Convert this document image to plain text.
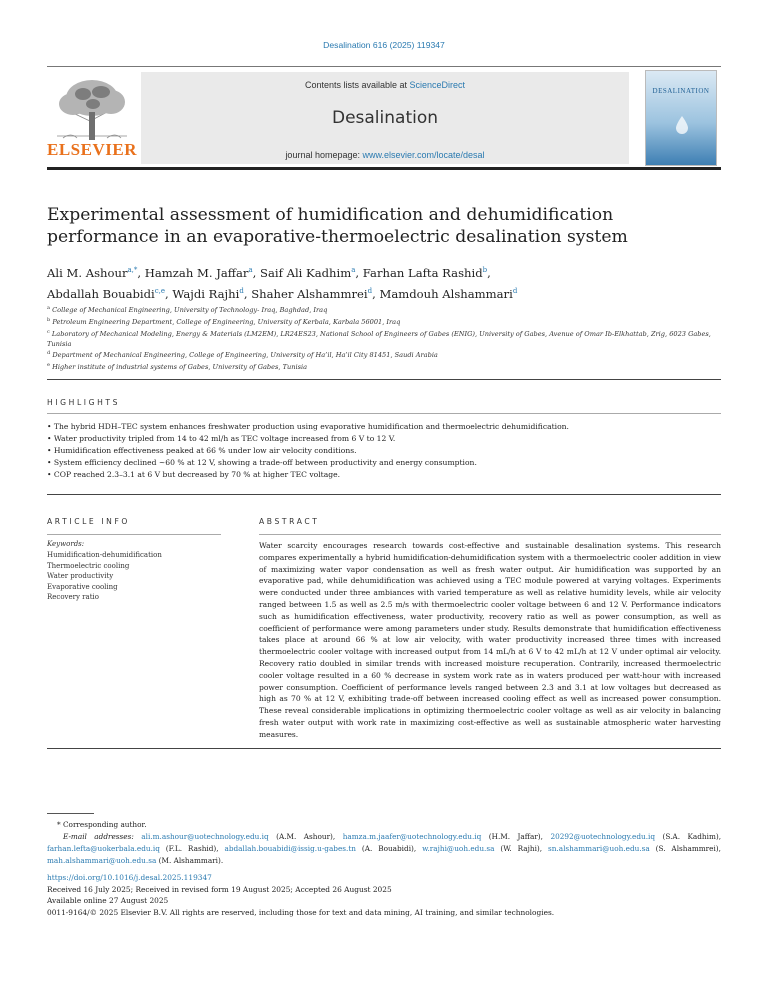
Desalination 616 (2025) 119347
ELSEVIER
Contents lists available at ScienceDirect
Desalination
journal homepage: www.elsevier.com/locate/desal
DESALINATION
Experimental assessment of humidification and dehumidification
performance in an evaporative-thermoelectric desalination system
Ali M. Ashour$^{a,*}$, Hamzah M. Jaffar$^a$, Saif Ali Kadhim$^a$, Farhan Lafta Rashid$^b$,
Abdallah Bouabidi$^{c,e}$, Wajdi Rajhi$^d$, Shaher Alshammrei$^d$, Mamdouh Alshammari$^d$
$^a$ College of Mechanical Engineering, University of Technology- Iraq, Baghdad, Iraq
$^b$ Petroleum Engineering Department, College of Engineering, University of Kerbala, Karbala 56001, Iraq
$^c$ Laboratory of Mechanical Modeling, Energy & Materials (LM2EM), LR24ES23, National School of Engineers of Gabes (ENIG), University of Gabes, Avenue of Omar Ib-Elkhattab, Zrig, 6023 Gabes, Tunisia
$^d$ Department of Mechanical Engineering, College of Engineering, University of Ha’il, Ha’il City 81451, Saudi Arabia
$^e$ Higher institute of industrial systems of Gabes, University of Gabes, Tunisia
HIGHLIGHTS
• The hybrid HDH–TEC system enhances freshwater production using evaporative humidification and thermoelectric dehumidification.
• Water productivity tripled from 14 to 42 ml/h as TEC voltage increased from 6 V to 12 V.
• Humidification effectiveness peaked at 66 % under low air velocity conditions.
• System efficiency declined ~60 % at 12 V, showing a trade-off between productivity and energy consumption.
• COP reached 2.3–3.1 at 6 V but decreased by 70 % at higher TEC voltage.
ARTICLE INFO
Keywords:
Humidification-dehumidification
Thermoelectric cooling
Water productivity
Evaporative cooling
Recovery ratio
ABSTRACT

Water scarcity encourages research towards cost-effective and sustainable desalination systems. This research compares experimentally a hybrid humidification-dehumidification system with a thermoelectric cooler addition in view of maximizing water vapor condensation as well as fresh water output. Air humidification was supported by an evaporative pad, while dehumidification was achieved using a TEC module powered at varying voltages. Experiments were conducted under three ambiances with varied temperature as well as relative humidity levels, while air velocity ranged between 1.5 as well as 2.5 m/s with thermoelectric cooler voltage between 6 and 12 V. Performance indicators such as humidification effectiveness, water productivity, recovery ratio as well as power consumption, as well as coefficient of performance were among parameters under study. Results demonstrate that humidification effectiveness takes place at around 66 % at low air velocity, with water productivity increased three times with increased thermoelectric cooler voltage with increased output from 14 mL/h at 6 V to 42 mL/h at 12 V under optimal air velocity. Recovery ratio doubled in similar trends with increased moisture recuperation. Contrarily, increased thermoelectric cooler voltage resulted in a 60 % decrease in system work rate as in waters produced per watt-hour with increased power consumption. Coefficient of performance levels ranged between 2.3 and 3.1 at low voltages but decreased as high as 70 % at 12 V, exhibiting trade-off between increased cooling effect as well as increased power consumption. These reveal considerable implications in optimizing thermoelectric cooler voltage as well as air velocity in balancing fresh water output with work rate in maximizing cost-effective as well as sustainable atmospheric water harvesting measures.

* Corresponding author.
E-mail addresses: ali.m.ashour@uotechnology.edu.iq (A.M. Ashour), hamza.m.jaafer@uotechnology.edu.iq (H.M. Jaffar), 20292@uotechnology.edu.iq (S.A. Kadhim), farhan.lefta@uokerbala.edu.iq (F.L. Rashid), abdallah.bouabidi@issig.u-gabes.tn (A. Bouabidi), w.rajhi@uoh.edu.sa (W. Rajhi), sn.alshammari@uoh.edu.sa (S. Alshammrei), mah.alshammari@uoh.edu.sa (M. Alshammari).
https://doi.org/10.1016/j.desal.2025.119347
Received 16 July 2025; Received in revised form 19 August 2025; Accepted 26 August 2025
Available online 27 August 2025
0011-9164/© 2025 Elsevier B.V. All rights are reserved, including those for text and data mining, AI training, and similar technologies.
